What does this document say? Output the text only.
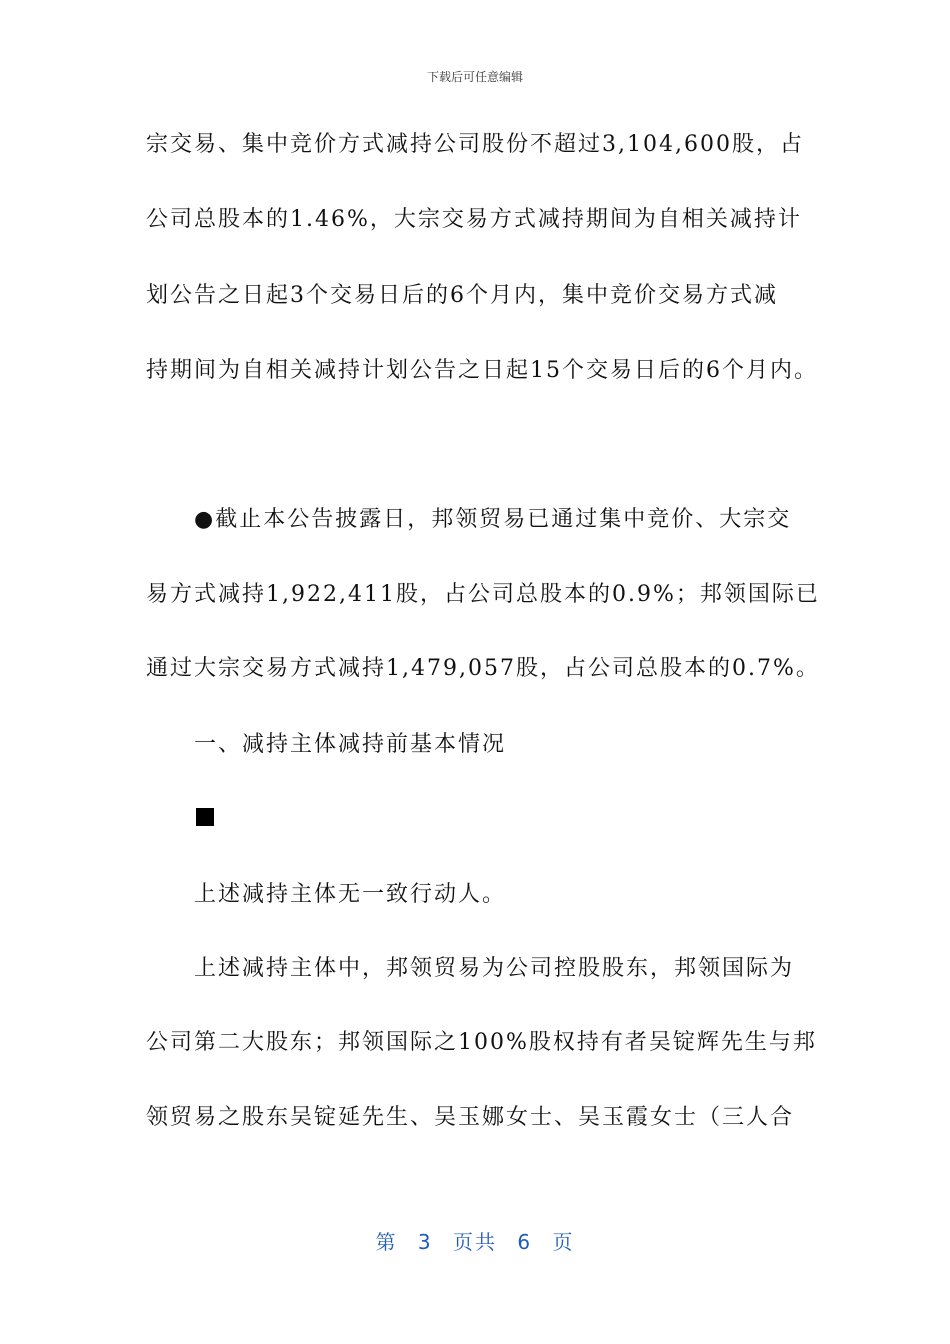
下载后可任意编辑
宗交易、集中竞价方式减持公司股份不超过3,104,600股，占
公司总股本的1.46%，大宗交易方式减持期间为自相关减持计
划公告之日起3个交易日后的6个月内，集中竞价交易方式减
持期间为自相关减持计划公告之日起15个交易日后的6个月内。
●截止本公告披露日，邦领贸易已通过集中竞价、大宗交
易方式减持1,922,411股，占公司总股本的0.9%；邦领国际已
通过大宗交易方式减持1,479,057股，占公司总股本的0.7%。
一、减持主体减持前基本情况
上述减持主体无一致行动人。
上述减持主体中，邦领贸易为公司控股股东，邦领国际为
公司第二大股东；邦领国际之100%股权持有者吴锭辉先生与邦
领贸易之股东吴锭延先生、吴玉娜女士、吴玉霞女士（三人合
第 3 页共 6 页
